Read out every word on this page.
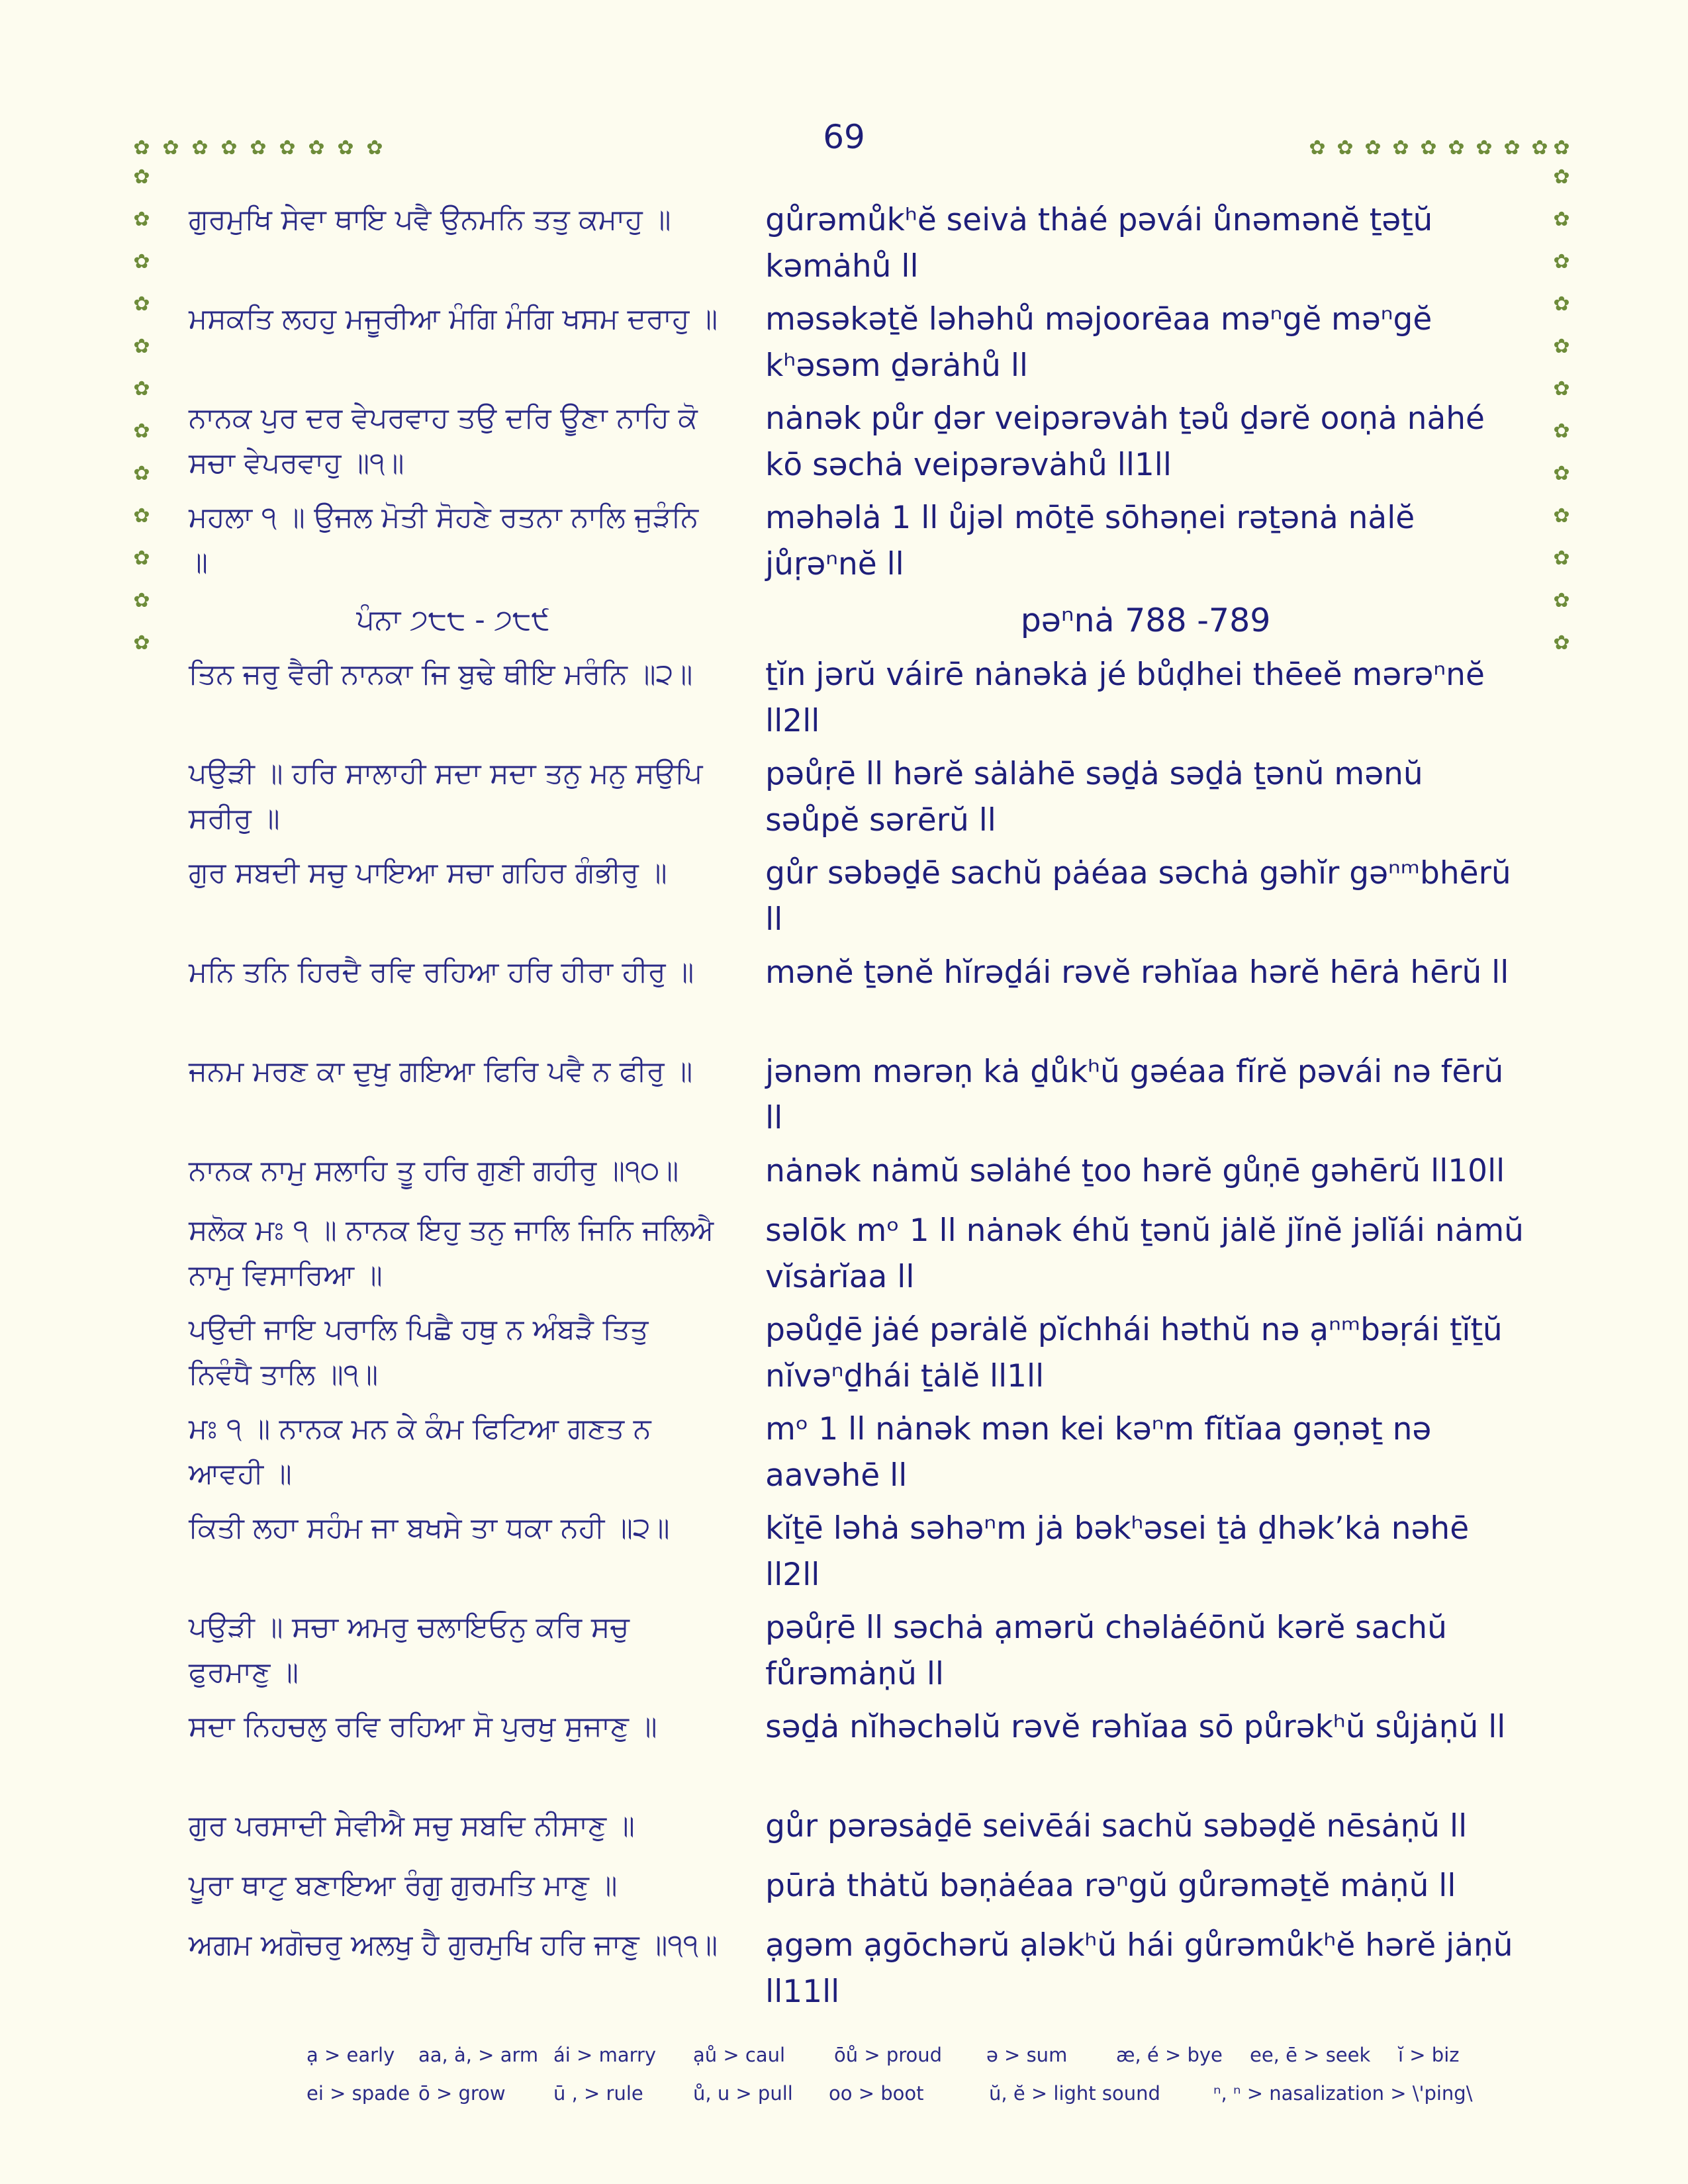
69
✿ ✿ ✿ ✿ ✿ ✿ ✿ ✿ ✿	✿ ✿ ✿ ✿ ✿ ✿ ✿ ✿ ✿ ✿
✿
✿
✿
✿
✿
✿
✿
✿
✿
✿
✿
✿
✿
✿
✿
✿
✿
✿
✿
✿
✿
✿
✿
✿
ਗੁਰਮੁਖਿ ਸੇਵਾ ਥਾਇ ਪਵੈ ਉਨਮਨਿ ਤਤੁ ਕਮਾਹੁ ॥	gůrəmůkʰĕ seivȧ thȧé pəvái ůnəmənĕ ṯəṯŭ kəmȧhů ll
ਮਸਕਤਿ ਲਹਹੁ ਮਜੂਰੀਆ ਮੰਗਿ ਮੰਗਿ ਖਸਮ ਦਰਾਹੁ ॥ məsəkəṯĕ ləhəhů məjoorēaa məⁿgĕ məⁿgĕ kʰəsəm ḏərȧhů ll
ਨਾਨਕ ਪੁਰ ਦਰ ਵੇਪਰਵਾਹ ਤਉ ਦਰਿ ਊਣਾ ਨਾਹਿ ਕੋ ਸਚਾ ਵੇਪਰਵਾਹੁ ॥੧॥
nȧnək půr ḏər veipərəvȧh ṯəů ḏərĕ ooṇȧ nȧhé kō səchȧ veipərəvȧhů ll1ll
ਮਹਲਾ ੧ ॥ ਉਜਲ ਮੋਤੀ ਸੋਹਣੇ ਰਤਨਾ ਨਾਲਿ ਜੁੜੰਨਿ ॥
məhəlȧ 1 ll ůjəl mōṯē sōhəṇei rəṯənȧ nȧlĕ jůṛəⁿnĕ ll
ਪੰਨਾ ੭੮੮ - ੭੮੯	pəⁿnȧ 788 -789
ਤਿਨ ਜਰੁ ਵੈਰੀ ਨਾਨਕਾ ਜਿ ਬੁਢੇ ਥੀਇ ਮਰੰਨਿ ॥੨॥	ṯĭn jərŭ váirē nȧnəkȧ jé bůḍhei thēeĕ mərəⁿnĕ ll2ll
ਪਉੜੀ ॥ ਹਰਿ ਸਾਲਾਹੀ ਸਦਾ ਸਦਾ ਤਨੁ ਮਨੁ ਸਉਪਿ ਸਰੀਰੁ ॥
pəůṛē ll hərĕ sȧlȧhē səḏȧ səḏȧ ṯənŭ mənŭ səůpĕ sərērŭ ll
ਗੁਰ ਸਬਦੀ ਸਚੁ ਪਾਇਆ ਸਚਾ ਗਹਿਰ ਗੰਭੀਰੁ ॥	gůr səbəḏē sachŭ pȧéaa səchȧ gəhĭr gəⁿᵐbhērŭ ll
ਮਨਿ ਤਨਿ ਹਿਰਦੈ ਰਵਿ ਰਹਿਆ ਹਰਿ ਹੀਰਾ ਹੀਰੁ ॥	mənĕ ṯənĕ hĭrəḏái rəvĕ rəhĭaa hərĕ hērȧ hērŭ ll
ਜਨਮ ਮਰਣ ਕਾ ਦੁਖੁ ਗਇਆ ਫਿਰਿ ਪਵੈ ਨ ਫੀਰੁ ॥	jənəm mərəṇ kȧ ḏůkʰŭ gəéaa fĭrĕ pəvái nə fērŭ ll
ਨਾਨਕ ਨਾਮੁ ਸਲਾਹਿ ਤੂ ਹਰਿ ਗੁਣੀ ਗਹੀਰੁ ॥੧੦॥	nȧnək nȧmŭ səlȧhé ṯoo hərĕ gůṇē gəhērŭ ll10ll
ਸਲੋਕ ਮਃ ੧ ॥ ਨਾਨਕ ਇਹੁ ਤਨੁ ਜਾਲਿ ਜਿਨਿ ਜਲਿਐ ਨਾਮੁ ਵਿਸਾਰਿਆ ॥
səlōk mᵒ 1 ll nȧnək éhŭ ṯənŭ jȧlĕ jĭnĕ jəlĭái nȧmŭ vĭsȧrĭaa ll
ਪਉਦੀ ਜਾਇ ਪਰਾਲਿ ਪਿਛੈ ਹਥੁ ਨ ਅੰਬੜੈ ਤਿਤੁ ਨਿਵੰਧੈ ਤਾਲਿ ॥੧॥
pəůḏē jȧé pərȧlĕ pĭchhái həthŭ nə ạⁿᵐbəṛái ṯĭṯŭ nĭvəⁿḏhái ṯȧlĕ ll1ll
ਮਃ ੧ ॥ ਨਾਨਕ ਮਨ ਕੇ ਕੰਮ ਫਿਟਿਆ ਗਣਤ ਨ ਆਵਹੀ ॥
mᵒ 1 ll nȧnək mən kei kəⁿm fĭtĭaa gəṇəṯ nə aavəhē ll
ਕਿਤੀ ਲਹਾ ਸਹੰਮ ਜਾ ਬਖਸੇ ਤਾ ਧਕਾ ਨਹੀ ॥੨॥	kĭṯē ləhȧ səhəⁿm jȧ bəkʰəsei ṯȧ ḏhək’kȧ nəhē ll2ll
ਪਉੜੀ ॥ ਸਚਾ ਅਮਰੁ ਚਲਾਇਓਨੁ ਕਰਿ ਸਚੁ ਫੁਰਮਾਣੁ ॥
pəůṛē ll səchȧ ạmərŭ chəlȧéōnŭ kərĕ sachŭ fůrəmȧṇŭ ll
ਸਦਾ ਨਿਹਚਲੁ ਰਵਿ ਰਹਿਆ ਸੋ ਪੁਰਖੁ ਸੁਜਾਣੁ ॥	səḏȧ nĭhəchəlŭ rəvĕ rəhĭaa sō půrəkʰŭ sůjȧṇŭ ll
ਗੁਰ ਪਰਸਾਦੀ ਸੇਵੀਐ ਸਚੁ ਸਬਦਿ ਨੀਸਾਣੁ ॥	gůr pərəsȧḏē seivēái sachŭ səbəḏĕ nēsȧṇŭ ll
ਪੂਰਾ ਥਾਟੁ ਬਣਾਇਆ ਰੰਗੁ ਗੁਰਮਤਿ ਮਾਣੁ ॥	pūrȧ thȧtŭ bəṇȧéaa rəⁿgŭ gůrəməṯĕ mȧṇŭ ll
ਅਗਮ ਅਗੋਚਰੁ ਅਲਖੁ ਹੈ ਗੁਰਮੁਖਿ ਹਰਿ ਜਾਣੁ ॥੧੧॥ ạgəm ạgōchərŭ ạləkʰŭ hái gůrəmůkʰĕ hərĕ jȧṇŭ ll11ll
ạ > early aa, ȧ, > arm ái > marry ạů > caul	ōů > proud ə > sum	æ, é > bye ee, ē > seek ĭ > biz
ei > spade ō > grow ū , > rule	ů, u > pull oo > boot	ŭ, ĕ > light sound	ⁿ, ⁿ > nasalization > \'ping\
